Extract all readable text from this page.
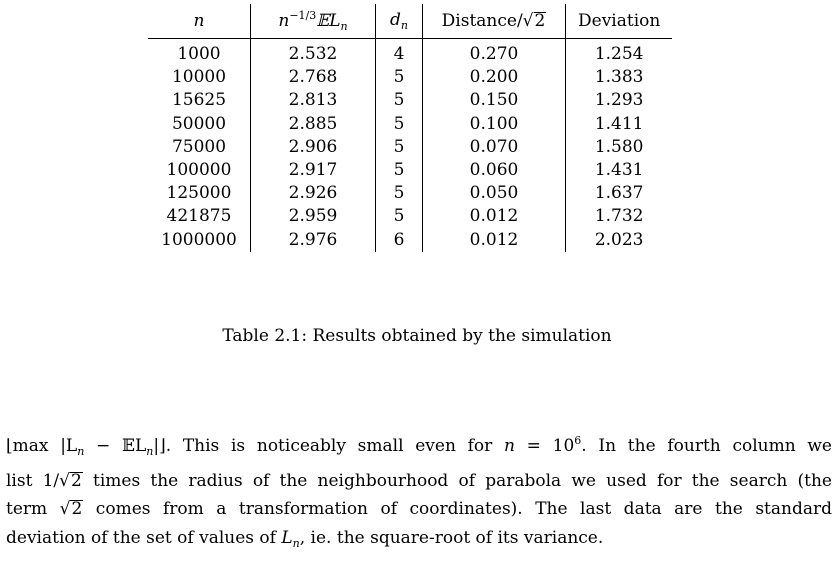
n	$n^{-1/3}𝔼L_n$	$d_n$	Distance/√2	Deviation
1000	2.532	4	0.270	1.254
10000	2.768	5	0.200	1.383
15625	2.813	5	0.150	1.293
50000	2.885	5	0.100	1.411
75000	2.906	5	0.070	1.580
100000	2.917	5	0.060	1.431
125000	2.926	5	0.050	1.637
421875	2.959	5	0.012	1.732
1000000	2.976	6	0.012	2.023
Table 2.1: Results obtained by the simulation
⌊max $|L_n$ − 𝔼L$_n$|⌋. This is noticeably small even for $n = 10^6$. In the fourth column we
list 1/√2 times the radius of the neighbourhood of parabola we used for the search (the
term √2 comes from a transformation of coordinates). The last data are the standard
deviation of the set of values of $L_n$, ie. the square-root of its variance.
